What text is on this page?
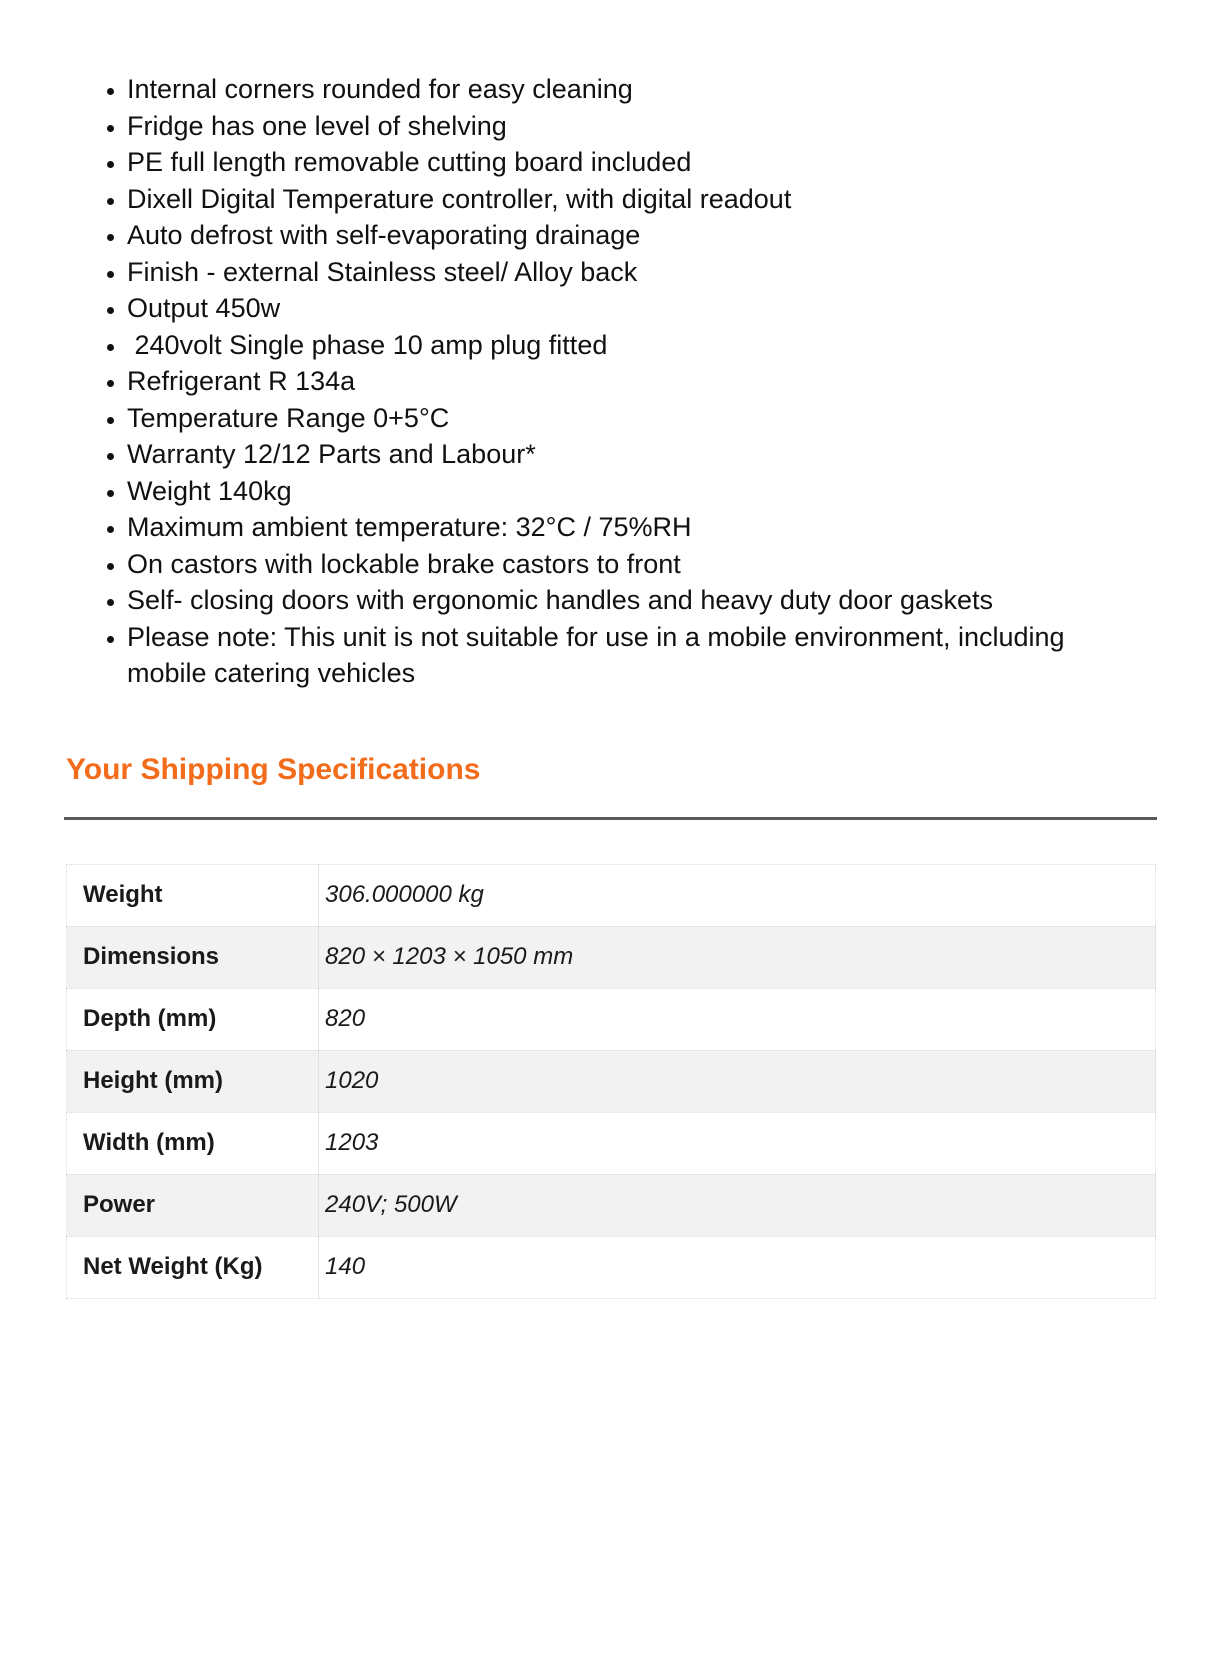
• Internal corners rounded for easy cleaning
• Fridge has one level of shelving
• PE full length removable cutting board included
• Dixell Digital Temperature controller, with digital readout
• Auto defrost with self-evaporating drainage
• Finish - external Stainless steel/ Alloy back
• Output 450w
•  240volt Single phase 10 amp plug fitted
• Refrigerant R 134a
• Temperature Range 0+5°C
• Warranty 12/12 Parts and Labour*
• Weight 140kg
• Maximum ambient temperature: 32°C / 75%RH
• On castors with lockable brake castors to front
• Self- closing doors with ergonomic handles and heavy duty door gaskets
• Please note: This unit is not suitable for use in a mobile environment, including mobile catering vehicles
Your Shipping Specifications
Weight	306.000000 kg
Dimensions	820 × 1203 × 1050 mm
Depth (mm)	820
Height (mm)	1020
Width (mm)	1203
Power	240V; 500W
Net Weight (Kg)	140
